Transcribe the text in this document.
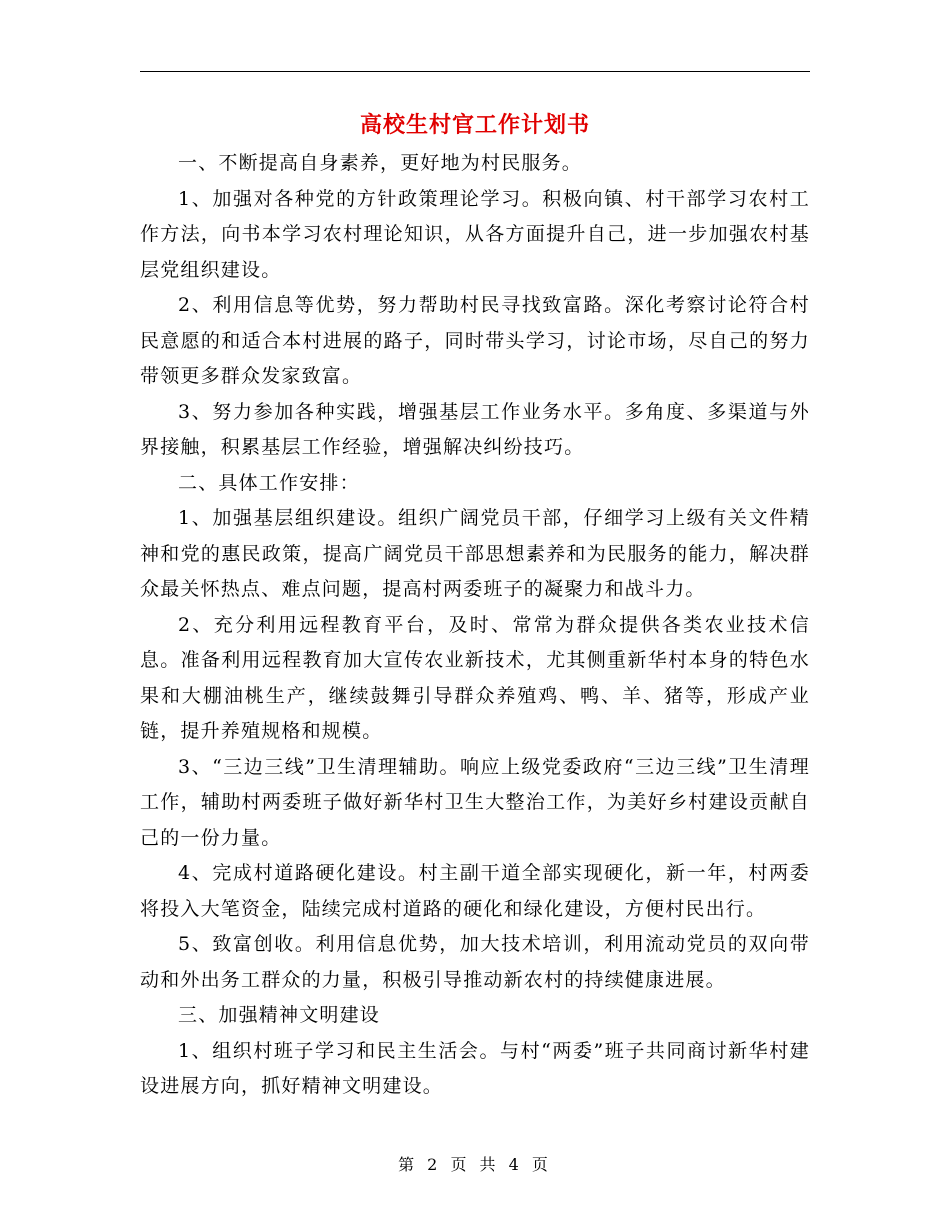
高校生村官工作计划书

一、不断提高自身素养，更好地为村民服务。

1、加强对各种党的方针政策理论学习。积极向镇、村干部学习农村工作方法，向书本学习农村理论知识，从各方面提升自己，进一步加强农村基层党组织建设。

2、利用信息等优势，努力帮助村民寻找致富路。深化考察讨论符合村民意愿的和适合本村进展的路子，同时带头学习，讨论市场，尽自己的努力带领更多群众发家致富。

3、努力参加各种实践，增强基层工作业务水平。多角度、多渠道与外界接触，积累基层工作经验，增强解决纠纷技巧。

二、具体工作安排：

1、加强基层组织建设。组织广阔党员干部，仔细学习上级有关文件精神和党的惠民政策，提高广阔党员干部思想素养和为民服务的能力，解决群众最关怀热点、难点问题，提高村两委班子的凝聚力和战斗力。

2、充分利用远程教育平台，及时、常常为群众提供各类农业技术信息。准备利用远程教育加大宣传农业新技术，尤其侧重新华村本身的特色水果和大棚油桃生产，继续鼓舞引导群众养殖鸡、鸭、羊、猪等，形成产业链，提升养殖规格和规模。

3、“三边三线”卫生清理辅助。响应上级党委政府“三边三线”卫生清理工作，辅助村两委班子做好新华村卫生大整治工作，为美好乡村建设贡献自己的一份力量。

4、完成村道路硬化建设。村主副干道全部实现硬化，新一年，村两委将投入大笔资金，陆续完成村道路的硬化和绿化建设，方便村民出行。

5、致富创收。利用信息优势，加大技术培训，利用流动党员的双向带动和外出务工群众的力量，积极引导推动新农村的持续健康进展。

三、加强精神文明建设

1、组织村班子学习和民主生活会。与村“两委”班子共同商讨新华村建设进展方向，抓好精神文明建设。

第 2 页 共 4 页
